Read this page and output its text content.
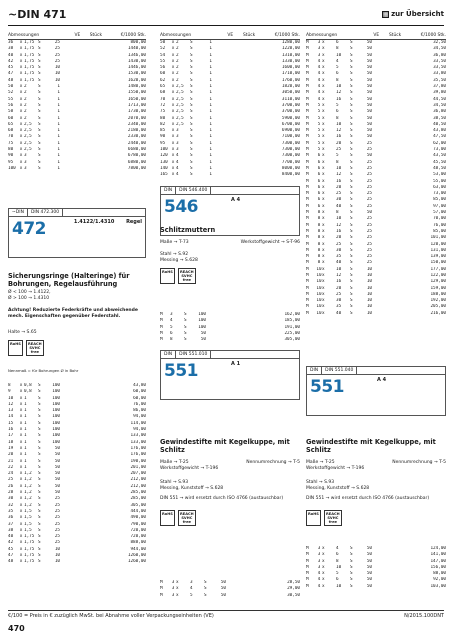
~DIN 471	▦ zur Übersicht
Abmessungen	VE	Stück	€/1000 Stk.
36	x 1,75 S	25	800,00
38	x 1,75 S	25	1440,00
40	x 1,75 S	25	1346,00
42	x 1,75 S	25	1430,00
45	x 1,75 S	10	1446,00
47	x 1,75 S	10	1530,00
48	x 1,75 S	10	1620,00
50	x 2	S	1	1480,00
52	x 2	S	1	1550,00
55	x 2	S	1	1650,00
56	x 2	S	1	1713,00
58	x 2	S	1	1730,00
60	x 2	S	1	2070,00
65	x 2,5	S	1	2340,00
68	x 2,5	S	1	2180,00
70	x 2,5	S	1	2330,00
75	x 2,5	S	1	2440,00
80	x 2,5	S	1	6680,00
90	x 3	S	1	6780,00
95	x 3	S	1	6880,00
100 x 3	S	1	7800,00
~DIN	DIN 472.300
472	1.4122/1.4310 Regel
Sicherungsringe (Halteringe) für Bohrungen, Regelausführung
Ø < 100 → 1.4122,
Ø > 100 → 1.4310
Achtung! Reduzierte Federkräfte und abweichende mech. Eigenschaften gegenüber Federstahl.
Halte → S.65
RoHS	REACH SVHC free
Nennmaß = für Bohrungen Ø in Bohr
8	x 0,8	S	100	43,80
9	x 0,8	S	100	60,00
10	x 1	S	100	60,00
12	x 1	S	100	76,00
13	x 1	S	100	86,00
14	x 1	S	100	94,00
15	x 1	S	100	114,00
16	x 1	S	100	94,00
17	x 1	S	100	133,00
18	x 1	S	100	133,00
19	x 1	S	50	176,00
20	x 1	S	50	176,00
21	x 1	S	50	190,00
22	x 1	S	50	201,00
24	x 1,2	S	50	207,00
25	x 1,2	S	50	212,00
26	x 1,2	S	50	212,00
28	x 1,2	S	50	285,00
30	x 1,2	S	25	285,00
32	x 1,2	S	25	305,00
35	x 1,5	S	25	444,00
36	x 1,5	S	25	490,00
37	x 1,5	S	25	790,00
38	x 1,5	S	25	720,00
40	x 1,75 S	25	720,00
42	x 1,75 S	25	888,00
45	x 1,75 S	10	944,00
47	x 1,75 S	10	1260,00
48	x 1,75 S	10	1260,00
Abmessungen	VE	Stück	€/1000 Stk.
50	x 2	S	1	1280,00
52	x 2	S	1	1220,00
54	x 2	S	1	1310,00
55	x 2	S	1	1330,00
56	x 2	S	1	1600,00
60	x 2	S	1	1710,00
62	x 2	S	1	1760,00
65	x 2,5	S	1	1820,00
68	x 2,5	S	1	3050,00
70	x 2,5	S	1	3110,00
72	x 2,5	S	1	3700,00
75	x 2,5	S	1	3700,00
80	x 2,5	S	1	5900,00
82	x 2,5	S	1	6700,00
85	x 3	S	1	6900,00
90	x 3	S	1	7100,00
95	x 3	S	1	7300,00
100 x 3	S	1	7300,00
120 x 4	S	1	7300,00
130 x 4	S	1	7700,00
140 x 4	S	1	8000,00
165 x 4	S	1	8400,00
DIN	DIN 546.400
546	A 4
Schlitzmuttern
Maße → T-73	Werkstoffgewicht → S-T-96
Stahl → S.92
Messing → S.628
RoHS	REACH SVHC free
M	3	S	100	162,00
M	4	S	100	185,00
M	5	S	100	191,00
M	6	S	50	225,00
M	8	S	50	305,00
DIN	DIN 551.010
551	A 1
Gewindestifte mit Kegelkuppe, mit Schlitz
Maße → T-25	Nennumrechnung → T-5
Werkstoffgewicht → T-196
Stahl → S.93
Messing, Kunststoff → S.628
DIN 551 → wird ersetzt durch ISO 4766 (austauschbar)
RoHS	REACH SVHC free
M	3 x	3	S	50	28,50
M	3 x	4	S	50	29,00
M	3 x	5	S	50	30,50
Abmessungen	VE	Stück	€/1000 Stk.
M	3 x	6	S	50	32,50
M	3 x	8	S	50	34,50
M	3 x	10	S	50	36,80
M	4 x	4	S	50	33,50
M	4 x	5	S	50	33,50
M	4 x	6	S	50	33,80
M	4 x	8	S	50	35,50
M	4 x	10	S	50	37,80
M	4 x	12	S	50	39,80
M	4 x	16	S	50	44,50
M	5 x	5	S	50	34,50
M	5 x	6	S	50	36,80
M	5 x	8	S	50	38,50
M	5 x	10	S	50	40,50
M	5 x	12	S	50	43,80
M	5 x	16	S	50	47,50
M	5 x	20	S	25	62,00
M	5 x	25	S	25	73,00
M	6 x	5	S	50	43,50
M	6 x	8	S	25	45,50
M	6 x	10	S	25	48,50
M	6 x	12	S	25	53,00
M	6 x	16	S	25	55,00
M	6 x	20	S	25	63,00
M	6 x	25	S	25	73,00
M	6 x	30	S	25	85,00
M	6 x	40	S	25	97,00
M	8 x	8	S	50	57,00
M	8 x	10	S	25	70,00
M	8 x	12	S	25	76,00
M	8 x	16	S	25	85,00
M	8 x	20	S	25	101,00
M	8 x	25	S	25	120,00
M	8 x	30	S	25	131,00
M	8 x	35	S	25	139,00
M	8 x	40	S	25	150,00
M	10 x	10	S	10	177,00
M	10 x	12	S	10	122,00
M	10 x	16	S	10	129,00
M	10 x	20	S	10	159,00
M	10 x	25	S	10	188,00
M	10 x	30	S	10	192,00
M	10 x	35	S	10	205,00
M	10 x	40	S	10	216,00
DIN	DIN 551.040
551	A 4
Gewindestifte mit Kegelkuppe, mit Schlitz
Maße → T-25	Nennumrechnung → T-5
Werkstoffgewicht → T-196
Stahl → S.93
Messing, Kunststoff → S.628
DIN 551 → wird ersetzt durch ISO 4766 (austauschbar)
RoHS	REACH SVHC free
M	3 x	4	S	50	124,00
M	3 x	6	S	50	141,00
M	3 x	8	S	50	147,00
M	3 x	10	S	50	156,00
M	4 x	5	S	50	88,00
M	4 x	6	S	50	92,00
M	4 x	10	S	50	103,00
€/100 = Preis in € zuzüglich MwSt. bei Abnahme voller Verpackungseinheiten (VE)	N/2015.100DNT
470
